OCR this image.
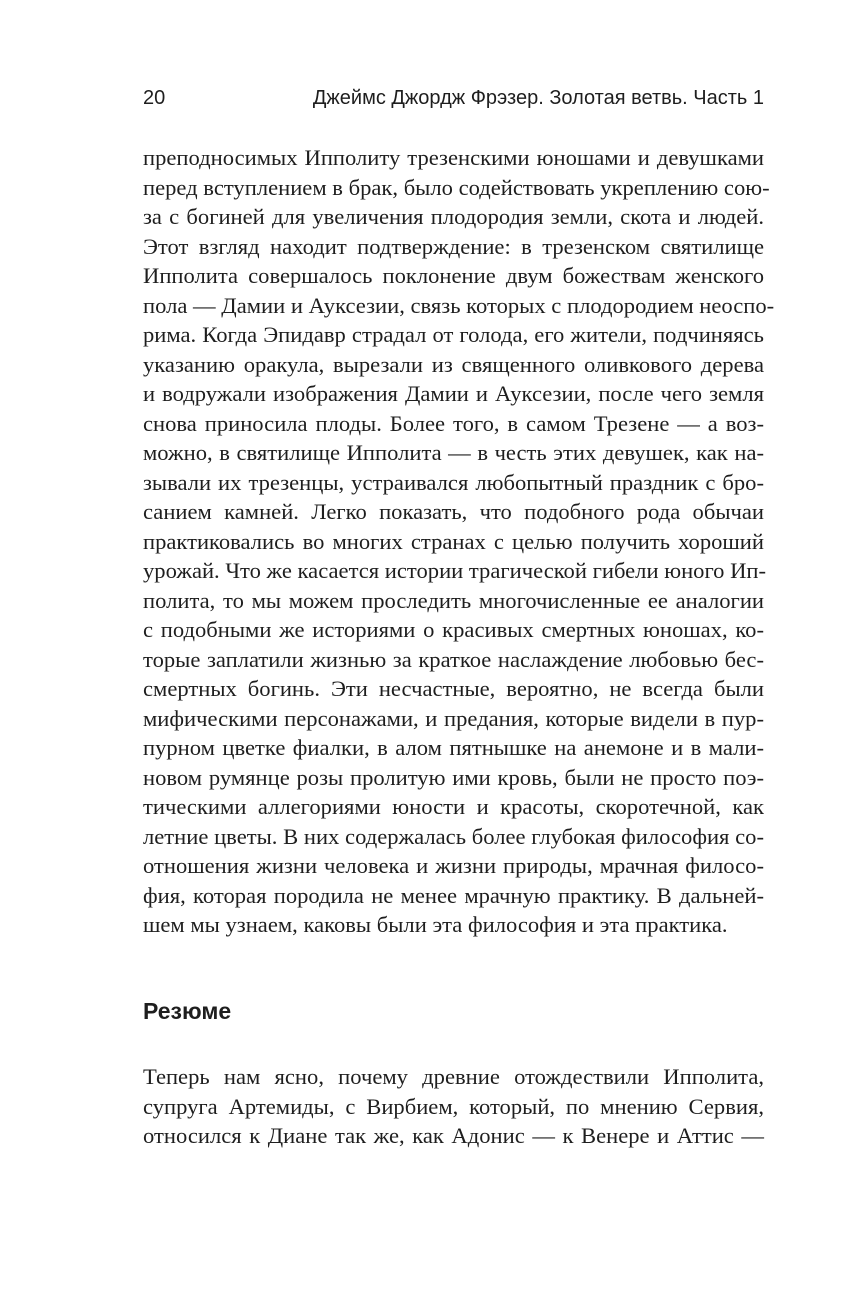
20	Джеймс Джордж Фрэзер. Золотая ветвь. Часть 1
преподносимых Ипполиту трезенскими юношами и девушками
перед вступлением в брак, было содействовать укреплению сою-
за с богиней для увеличения плодородия земли, скота и людей.
Этот взгляд находит подтверждение: в трезенском святилище
Ипполита совершалось поклонение двум божествам женского
пола — Дамии и Ауксезии, связь которых с плодородием неоспо-
рима. Когда Эпидавр страдал от голода, его жители, подчиняясь
указанию оракула, вырезали из священного оливкового дерева
и водружали изображения Дамии и Ауксезии, после чего земля
снова приносила плоды. Более того, в самом Трезене — а воз-
можно, в святилище Ипполита — в честь этих девушек, как на-
зывали их трезенцы, устраивался любопытный праздник с бро-
санием камней. Легко показать, что подобного рода обычаи
практиковались во многих странах с целью получить хороший
урожай. Что же касается истории трагической гибели юного Ип-
полита, то мы можем проследить многочисленные ее аналогии
с подобными же историями о красивых смертных юношах, ко-
торые заплатили жизнью за краткое наслаждение любовью бес-
смертных богинь. Эти несчастные, вероятно, не всегда были
мифическими персонажами, и предания, которые видели в пур-
пурном цветке фиалки, в алом пятнышке на анемоне и в мали-
новом румянце розы пролитую ими кровь, были не просто поэ-
тическими аллегориями юности и красоты, скоротечной, как
летние цветы. В них содержалась более глубокая философия со-
отношения жизни человека и жизни природы, мрачная филосо-
фия, которая породила не менее мрачную практику. В дальней-
шем мы узнаем, каковы были эта философия и эта практика.
Резюме
Теперь нам ясно, почему древние отождествили Ипполита,
супруга Артемиды, с Вирбием, который, по мнению Сервия,
относился к Диане так же, как Адонис — к Венере и Аттис —
